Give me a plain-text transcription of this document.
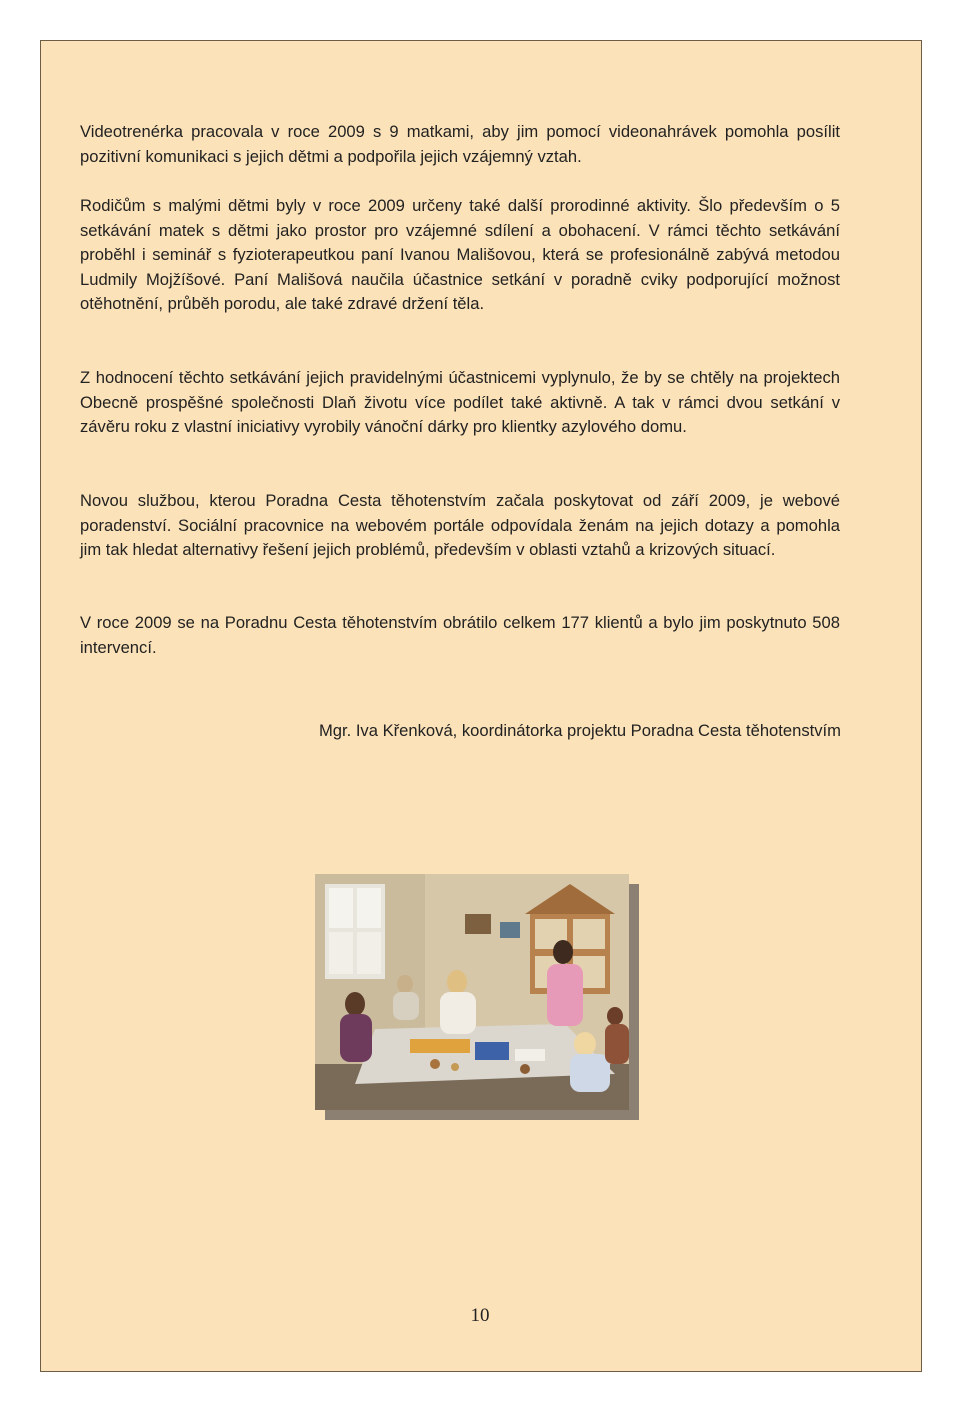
Videotrenérka pracovala v roce 2009 s 9 matkami, aby jim pomocí videonahrávek pomohla posílit pozitivní komunikaci s jejich dětmi a podpořila jejich vzájemný vztah.

Rodičům s malými dětmi byly v roce 2009 určeny také další prorodinné aktivity. Šlo především o 5 setkávání matek s dětmi jako prostor pro vzájemné sdílení a obohacení. V rámci těchto setkávání proběhl i seminář s fyzioterapeutkou paní Ivanou Mališovou, která se profesionálně zabývá metodou Ludmily Mojžíšové. Paní Mališová naučila účastnice setkání v poradně cviky podporující možnost otěhotnění, průběh porodu, ale také zdravé držení těla.

Z hodnocení těchto setkávání jejich pravidelnými účastnicemi vyplynulo, že by se chtěly na projektech Obecně prospěšné společnosti Dlaň životu více podílet také aktivně. A tak v rámci dvou setkání v závěru roku z vlastní iniciativy vyrobily vánoční dárky pro klientky azylového domu.

Novou službou, kterou Poradna Cesta těhotenstvím začala poskytovat od září 2009, je webové poradenství. Sociální pracovnice na webovém portále odpovídala ženám na jejich dotazy a pomohla jim tak hledat alternativy řešení jejich problémů, především v oblasti vztahů a krizových situací.

V roce 2009 se na Poradnu Cesta těhotenstvím obrátilo celkem 177 klientů a bylo jim poskytnuto 508 intervencí.

Mgr. Iva Křenková, koordinátorka projektu Poradna Cesta těhotenstvím
10
